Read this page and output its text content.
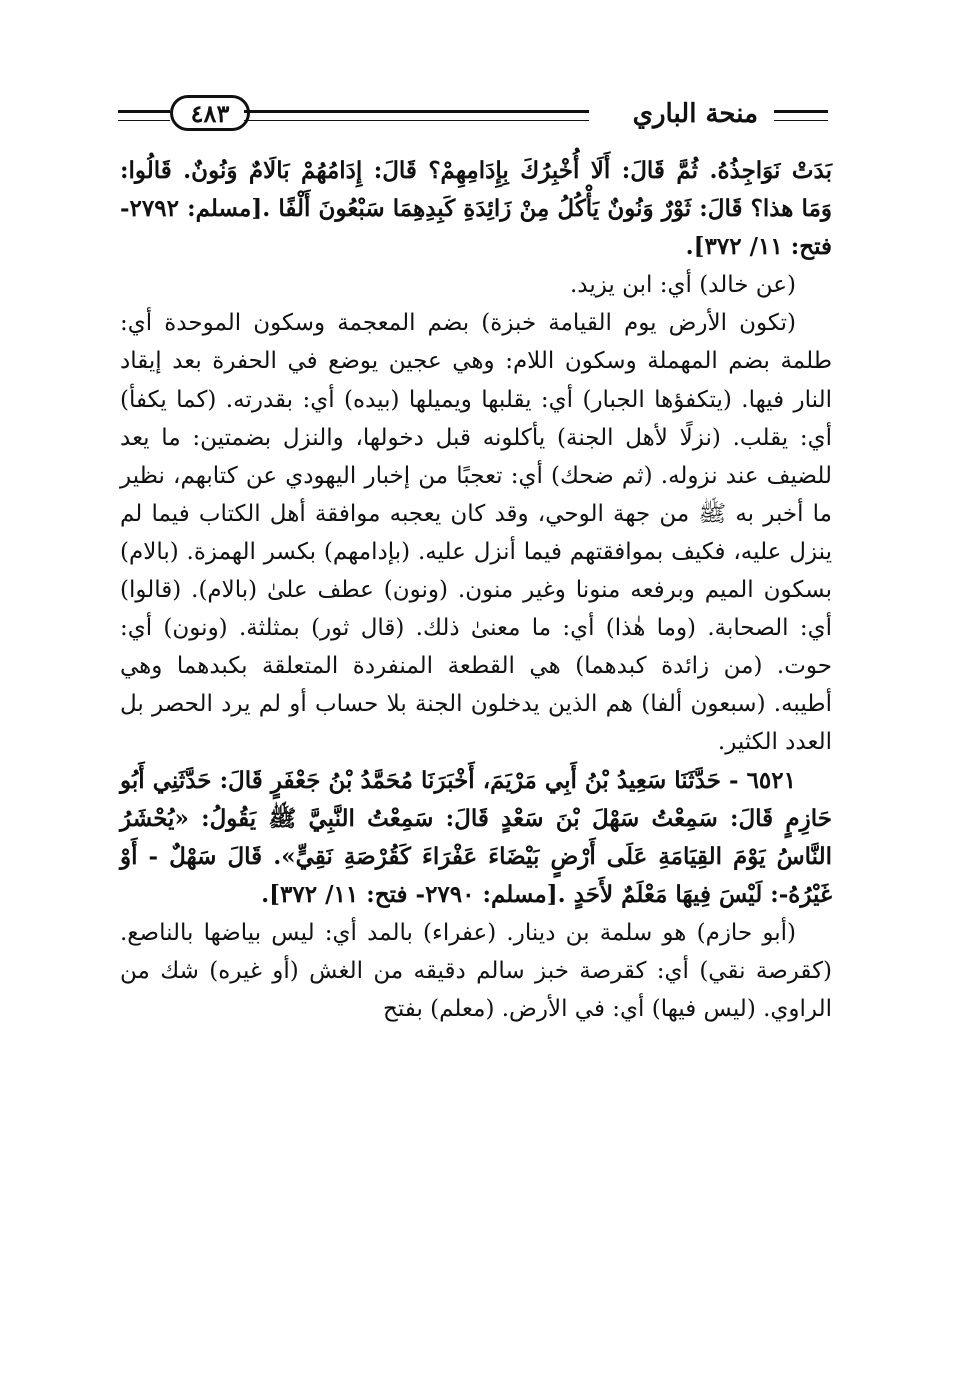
منحة الباري
٤٨٣

بَدَتْ نَوَاجِذُهُ. ثُمَّ قَالَ: أَلَا أُخْبِرُكَ بِإِدَامِهِمْ؟ قَالَ: إِدَامُهُمْ بَالَامٌ وَنُونٌ. قَالُوا: وَمَا هذا؟ قَالَ: ثَوْرٌ وَنُونٌ يَأْكُلُ مِنْ زَائِدَةِ كَبِدِهِمَا سَبْعُونَ أَلْفًا .[مسلم: ٢٧٩٢- فتح: ١١/ ٣٧٢].

(عن خالد) أي: ابن يزيد.

(تكون الأرض يوم القيامة خبزة) بضم المعجمة وسكون الموحدة أي: طلمة بضم المهملة وسكون اللام: وهي عجين يوضع في الحفرة بعد إيقاد النار فيها. (يتكفؤها الجبار) أي: يقلبها ويميلها (بيده) أي: بقدرته. (كما يكفأ) أي: يقلب. (نزلًا لأهل الجنة) يأكلونه قبل دخولها، والنزل بضمتين: ما يعد للضيف عند نزوله. (ثم ضحك) أي: تعجبًا من إخبار اليهودي عن كتابهم، نظير ما أخبر به ﷺ من جهة الوحي، وقد كان يعجبه موافقة أهل الكتاب فيما لم ينزل عليه، فكيف بموافقتهم فيما أنزل عليه. (بإدامهم) بكسر الهمزة. (بالام) بسكون الميم وبرفعه منونا وغير منون. (ونون) عطف علىٰ (بالام). (قالوا) أي: الصحابة. (وما هٰذا) أي: ما معنىٰ ذلك. (قال ثور) بمثلثة. (ونون) أي: حوت. (من زائدة كبدهما) هي القطعة المنفردة المتعلقة بكبدهما وهي أطيبه. (سبعون ألفا) هم الذين يدخلون الجنة بلا حساب أو لم يرد الحصر بل العدد الكثير.

٦٥٢١ - حَدَّثَنَا سَعِيدُ بْنُ أَبِي مَرْيَمَ، أَخْبَرَنَا مُحَمَّدُ بْنُ جَعْفَرٍ قَالَ: حَدَّثَنِي أَبُو حَازِمٍ قَالَ: سَمِعْتُ سَهْلَ بْنَ سَعْدٍ قَالَ: سَمِعْتُ النَّبِيَّ ﷺ يَقُولُ: «يُحْشَرُ النَّاسُ يَوْمَ القِيَامَةِ عَلَى أَرْضٍ بَيْضَاءَ عَفْرَاءَ كَقُرْصَةِ نَقِيٍّ». قَالَ سَهْلٌ - أَوْ غَيْرُهُ-: لَيْسَ فِيهَا مَعْلَمٌ لأَحَدٍ .[مسلم: ٢٧٩٠- فتح: ١١/ ٣٧٢].

(أبو حازم) هو سلمة بن دينار. (عفراء) بالمد أي: ليس بياضها بالناصع. (كقرصة نقي) أي: كقرصة خبز سالم دقيقه من الغش (أو غيره) شك من الراوي. (ليس فيها) أي: في الأرض. (معلم) بفتح
